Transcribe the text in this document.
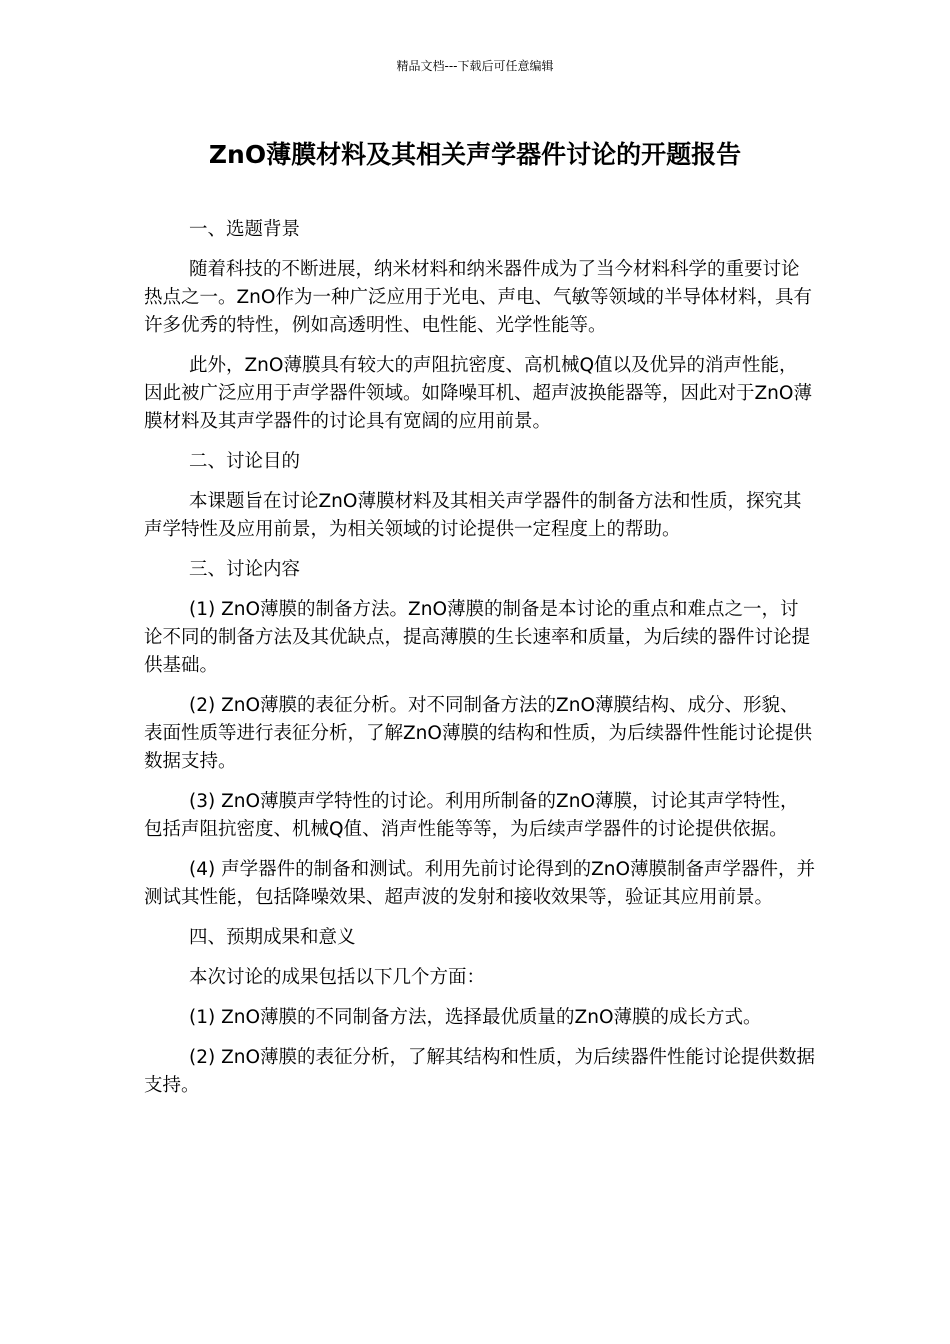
精品文档---下载后可任意编辑
ZnO薄膜材料及其相关声学器件讨论的开题报告

一、选题背景

随着科技的不断进展，纳米材料和纳米器件成为了当今材料科学的重要讨论热点之一。ZnO作为一种广泛应用于光电、声电、气敏等领域的半导体材料，具有许多优秀的特性，例如高透明性、电性能、光学性能等。

此外，ZnO薄膜具有较大的声阻抗密度、高机械Q值以及优异的消声性能，因此被广泛应用于声学器件领域。如降噪耳机、超声波换能器等，因此对于ZnO薄膜材料及其声学器件的讨论具有宽阔的应用前景。

二、讨论目的

本课题旨在讨论ZnO薄膜材料及其相关声学器件的制备方法和性质，探究其声学特性及应用前景，为相关领域的讨论提供一定程度上的帮助。

三、讨论内容

(1) ZnO薄膜的制备方法。ZnO薄膜的制备是本讨论的重点和难点之一，讨论不同的制备方法及其优缺点，提高薄膜的生长速率和质量，为后续的器件讨论提供基础。

(2) ZnO薄膜的表征分析。对不同制备方法的ZnO薄膜结构、成分、形貌、表面性质等进行表征分析，了解ZnO薄膜的结构和性质，为后续器件性能讨论提供数据支持。

(3) ZnO薄膜声学特性的讨论。利用所制备的ZnO薄膜，讨论其声学特性，包括声阻抗密度、机械Q值、消声性能等等，为后续声学器件的讨论提供依据。

(4) 声学器件的制备和测试。利用先前讨论得到的ZnO薄膜制备声学器件，并测试其性能，包括降噪效果、超声波的发射和接收效果等，验证其应用前景。

四、预期成果和意义

本次讨论的成果包括以下几个方面：

(1) ZnO薄膜的不同制备方法，选择最优质量的ZnO薄膜的成长方式。

(2) ZnO薄膜的表征分析，了解其结构和性质，为后续器件性能讨论提供数据支持。
